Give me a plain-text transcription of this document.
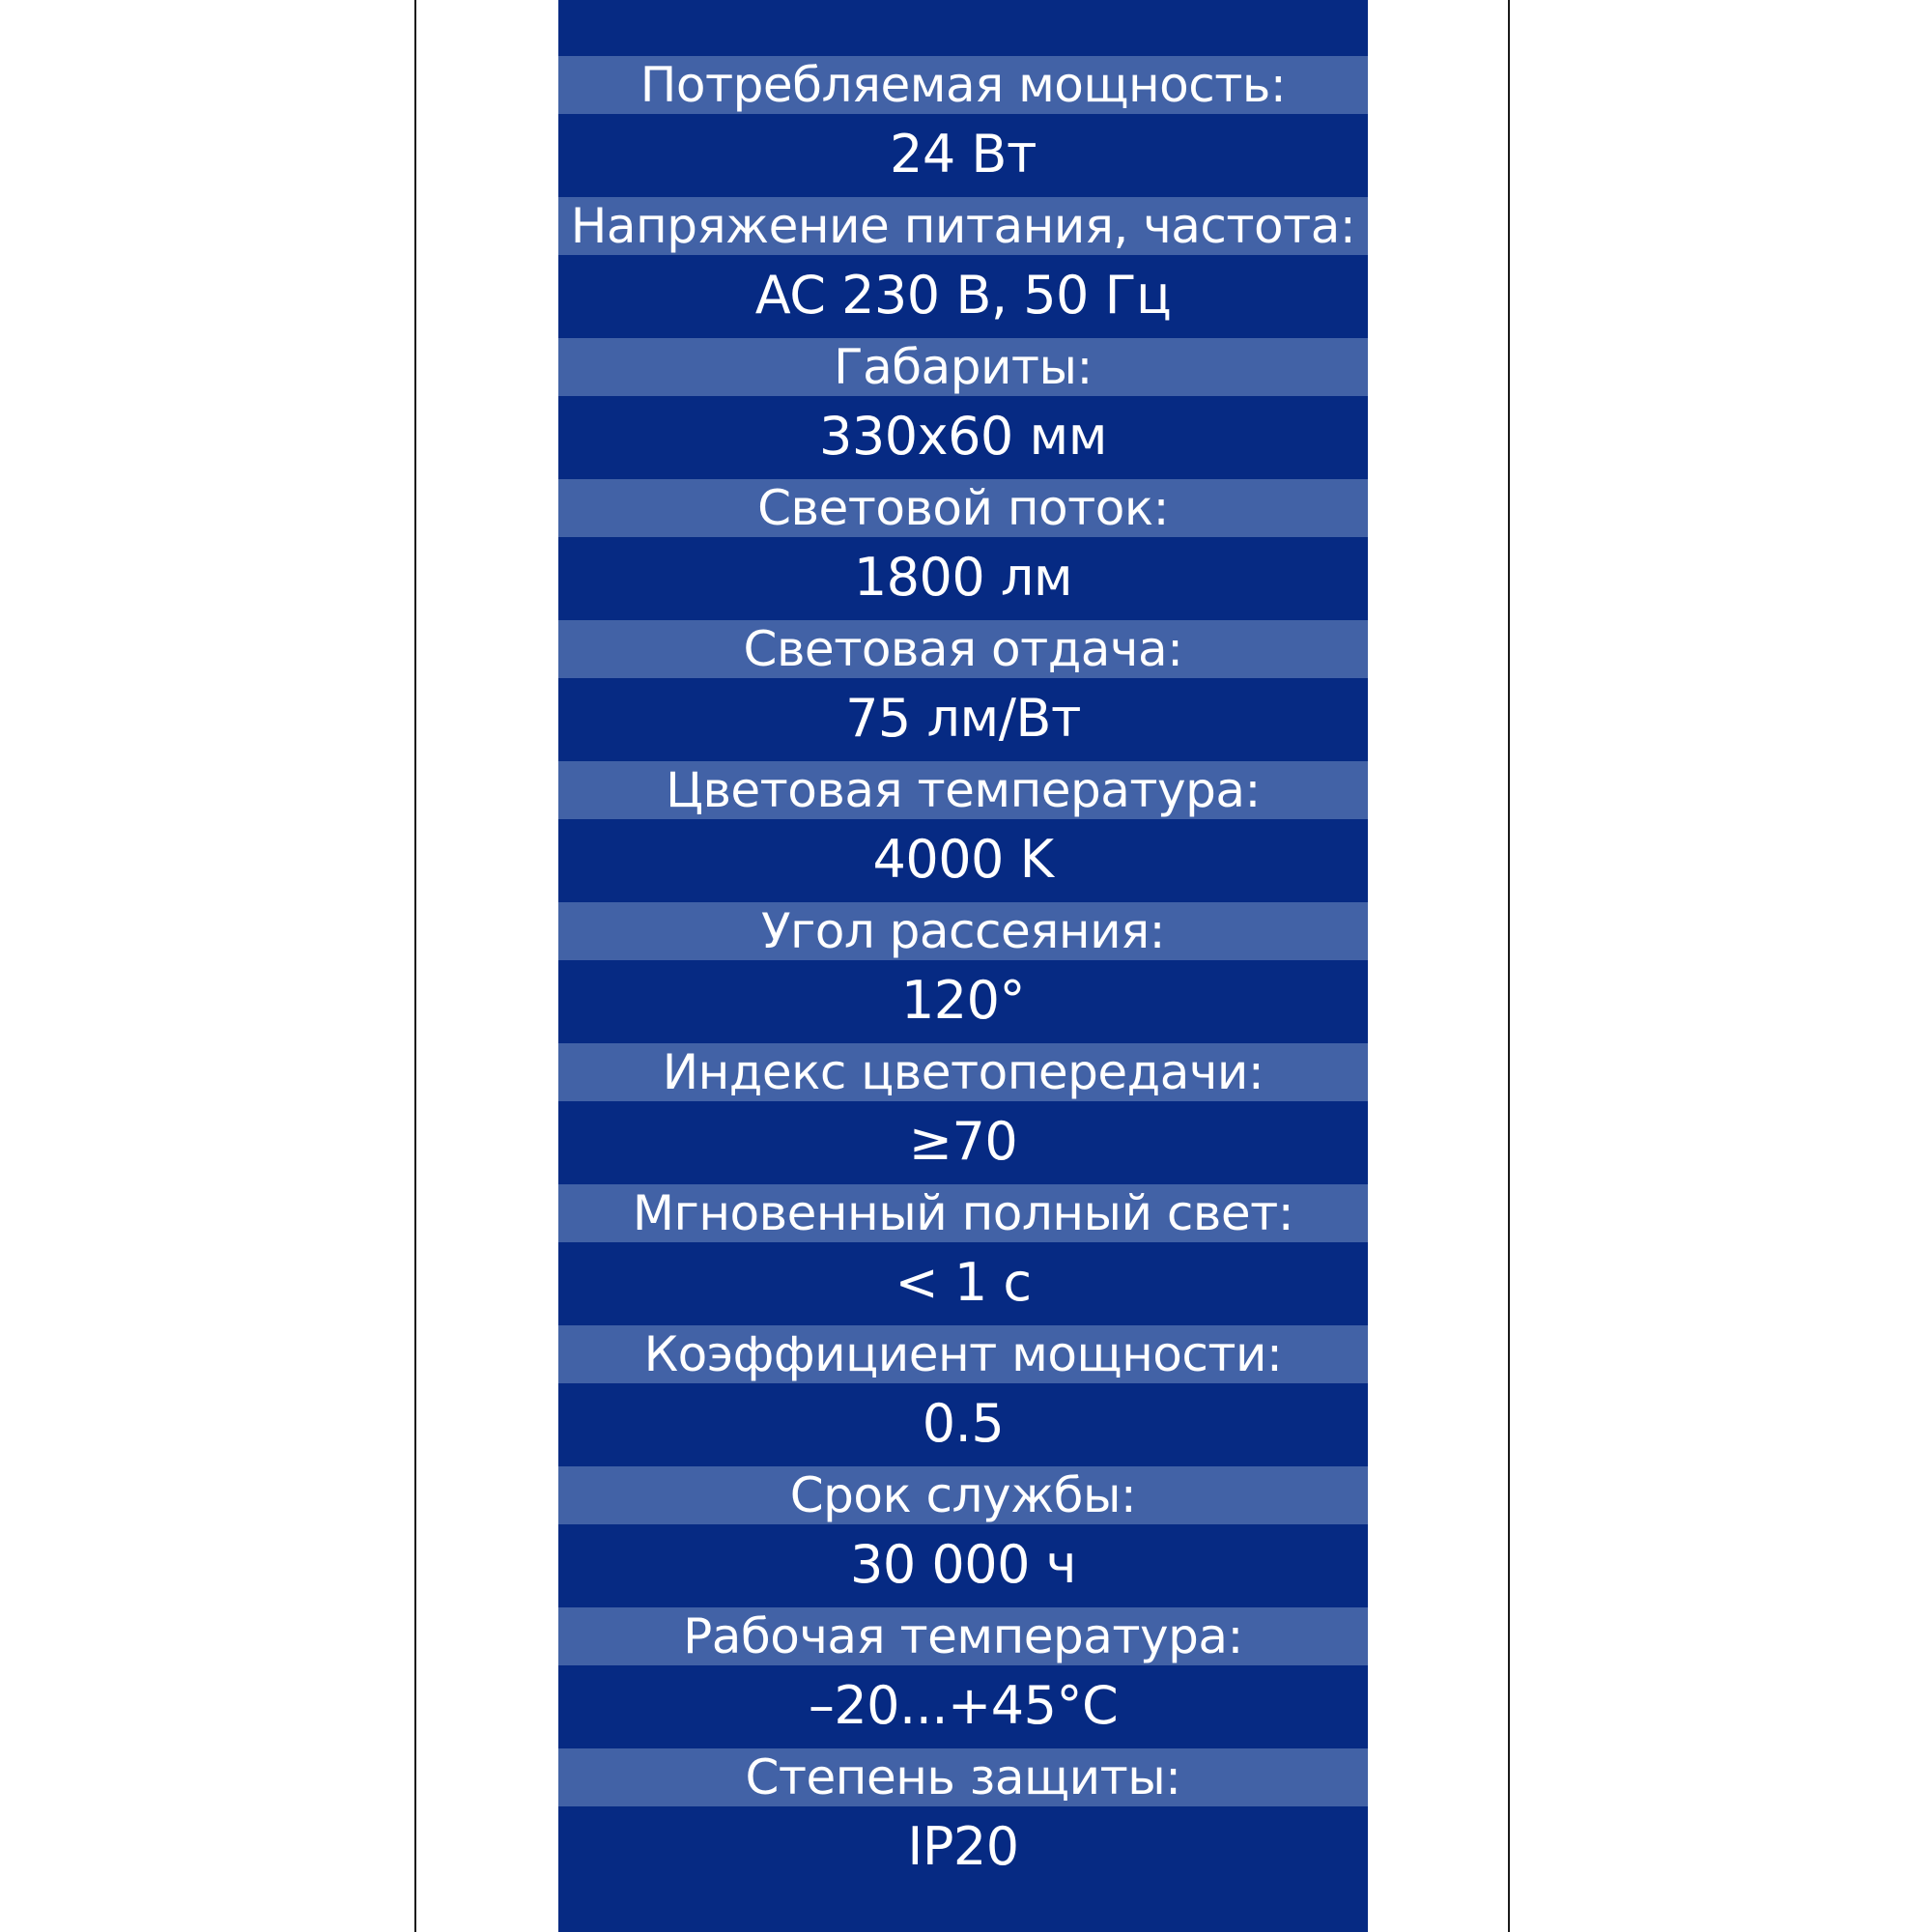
Потребляемая мощность:
24 Вт
Напряжение питания, частота:
AC 230 В, 50 Гц
Габариты:
330x60 мм
Световой поток:
1800 лм
Световая отдача:
75 лм/Вт
Цветовая температура:
4000 K
Угол рассеяния:
120°
Индекс цветопередачи:
≥70
Мгновенный полный свет:
< 1 с
Коэффициент мощности:
0.5
Срок службы:
30 000 ч
Рабочая температура:
–20...+45°C
Степень защиты:
IP20
